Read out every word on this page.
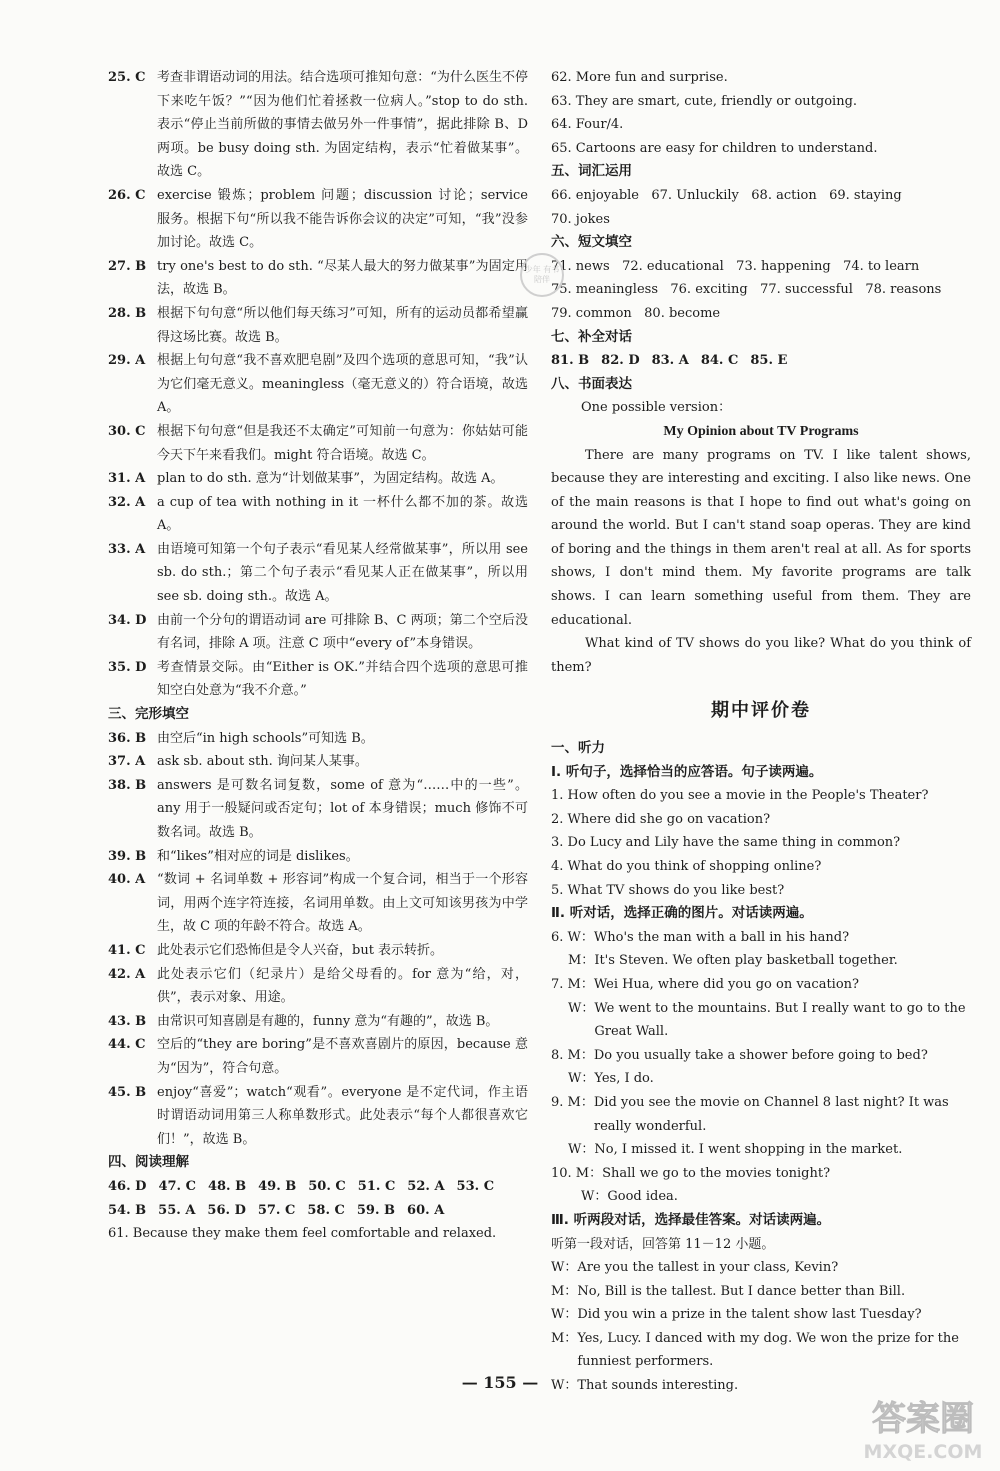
25. C 考查非谓语动词的用法。结合选项可推知句意：“为什么医生不停下来吃午饭？”“因为他们忙着拯救一位病人。”stop to do sth. 表示“停止当前所做的事情去做另外一件事情”，据此排除 B、D 两项。be busy doing sth. 为固定结构，表示“忙着做某事”。故选 C。
26. C exercise 锻炼；problem 问题；discussion 讨论；service 服务。根据下句“所以我不能告诉你会议的决定”可知，“我”没参加讨论。故选 C。
27. B try one's best to do sth. “尽某人最大的努力做某事”为固定用法，故选 B。
28. B 根据下句句意“所以他们每天练习”可知，所有的运动员都希望赢得这场比赛。故选 B。
29. A 根据上句句意“我不喜欢肥皂剧”及四个选项的意思可知，“我”认为它们毫无意义。meaningless（毫无意义的）符合语境，故选 A。
30. C 根据下句句意“但是我还不太确定”可知前一句意为：你姑姑可能今天下午来看我们。might 符合语境。故选 C。
31. A plan to do sth. 意为“计划做某事”，为固定结构。故选 A。
32. A a cup of tea with nothing in it 一杯什么都不加的茶。故选 A。
33. A 由语境可知第一个句子表示“看见某人经常做某事”，所以用 see sb. do sth.；第二个句子表示“看见某人正在做某事”，所以用 see sb. doing sth.。故选 A。
34. D 由前一个分句的谓语动词 are 可排除 B、C 两项；第二个空后没有名词，排除 A 项。注意 C 项中“every of”本身错误。
35. D 考查情景交际。由“Either is OK.”并结合四个选项的意思可推知空白处意为“我不介意。”
三、完形填空
36. B 由空后“in high schools”可知选 B。
37. A ask sb. about sth. 询问某人某事。
38. B answers 是可数名词复数，some of 意为“……中的一些”。any 用于一般疑问或否定句；lot of 本身错误；much 修饰不可数名词。故选 B。
39. B 和“likes”相对应的词是 dislikes。
40. A “数词 + 名词单数 + 形容词”构成一个复合词，相当于一个形容词，用两个连字符连接，名词用单数。由上文可知该男孩为中学生，故 C 项的年龄不符合。故选 A。
41. C 此处表示它们恐怖但是令人兴奋，but 表示转折。
42. A 此处表示它们（纪录片）是给父母看的。for 意为“给，对，供”，表示对象、用途。
43. B 由常识可知喜剧是有趣的，funny 意为“有趣的”，故选 B。
44. C 空后的“they are boring”是不喜欢喜剧片的原因，because 意为“因为”，符合句意。
45. B enjoy“喜爱”；watch“观看”。everyone 是不定代词，作主语时谓语动词用第三人称单数形式。此处表示“每个人都很喜欢它们！”，故选 B。
四、阅读理解
46. D 47. C 48. B 49. B 50. C 51. C 52. A 53. C
54. B 55. A 56. D 57. C 58. C 59. B 60. A
61. Because they make them feel comfortable and relaxed.
62. More fun and surprise.
63. They are smart, cute, friendly or outgoing.
64. Four/4.
65. Cartoons are easy for children to understand.
五、词汇运用
66. enjoyable   67. Unluckily   68. action   69. staying
70. jokes
六、短文填空
71. news   72. educational   73. happening   74. to learn
75. meaningless   76. exciting   77. successful   78. reasons
79. common   80. become
七、补全对话
81. B 82. D 83. A 84. C 85. E
八、书面表达
One possible version：
My Opinion about TV Programs
There are many programs on TV. I like talent shows, because they are interesting and exciting. I also like news. One of the main reasons is that I hope to find out what's going on around the world. But I can't stand soap operas. They are kind of boring and the things in them aren't real at all. As for sports shows, I don't mind them. My favorite programs are talk shows. I can learn something useful from them. They are educational.
What kind of TV shows do you like? What do you think of them?
期中评价卷
一、听力
Ⅰ. 听句子，选择恰当的应答语。句子读两遍。
1. How often do you see a movie in the People's Theater?
2. Where did she go on vacation?
3. Do Lucy and Lily have the same thing in common?
4. What do you think of shopping online?
5. What TV shows do you like best?
Ⅱ. 听对话，选择正确的图片。对话读两遍。
6. W： Who's the man with a ball in his hand?
M： It's Steven. We often play basketball together.
7. M： Wei Hua, where did you go on vacation?
W： We went to the mountains. But I really want to go to the Great Wall.
8. M： Do you usually take a shower before going to bed?
W： Yes, I do.
9. M： Did you see the movie on Channel 8 last night? It was really wonderful.
W： No, I missed it. I went shopping in the market.
10. M： Shall we go to the movies tonight?
W： Good idea.
Ⅲ. 听两段对话，选择最佳答案。对话读两遍。
听第一段对话，回答第 11－12 小题。
W： Are you the tallest in your class, Kevin?
M： No, Bill is the tallest. But I dance better than Bill.
W： Did you win a prize in the talent show last Tuesday?
M： Yes, Lucy. I danced with my dog. We won the prize for the funniest performers.
W： That sounds interesting.
少年 有书陪伴
— 155 —
答案圈
MXQE.COM
